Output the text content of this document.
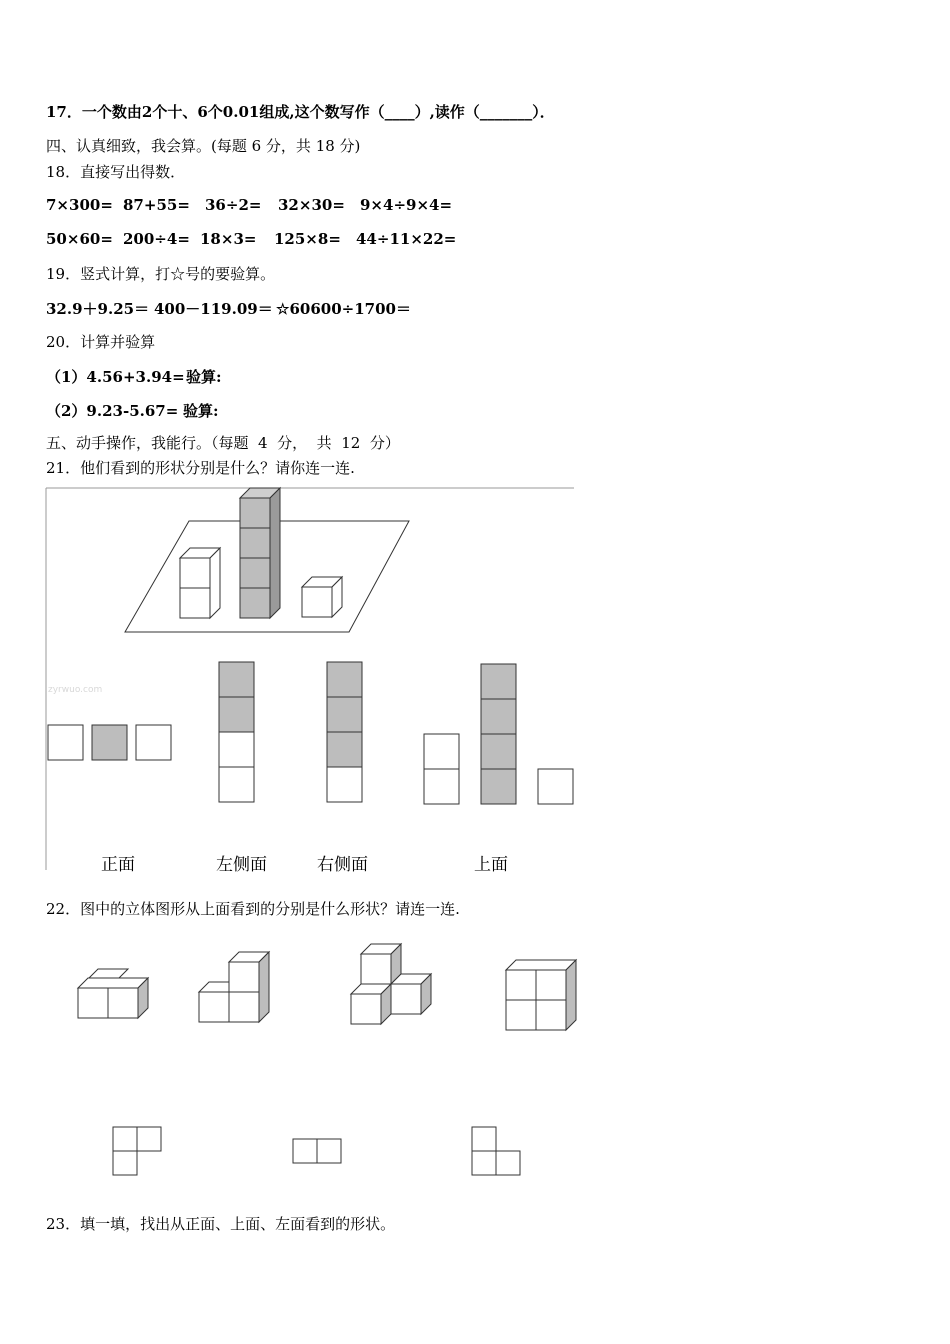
17．一个数由2个十、6个0.01组成,这个数写作（____）,读作（_______）．
四、认真细致，我会算。(每题 6 分，共 18 分)
18．直接写出得数．
7×300= 87+55= 36÷2= 32×30= 9×4÷9×4=
50×60= 200÷4= 18×3= 125×8= 44÷11×22=
19．竖式计算，打☆号的要验算。
32.9＋9.25＝ 400－119.09＝ ☆60600÷1700＝
20．计算并验算
（1）4.56+3.94= 验算:
（2）9.23-5.67= 验算:
五、动手操作，我能行。（每题  4  分，  共  12  分）
21．他们看到的形状分别是什么？请你连一连.
zyrwuo.com
正面	左侧面	右侧面	上面
22．图中的立体图形从上面看到的分别是什么形状？请连一连.
23．填一填，找出从正面、上面、左面看到的形状。
